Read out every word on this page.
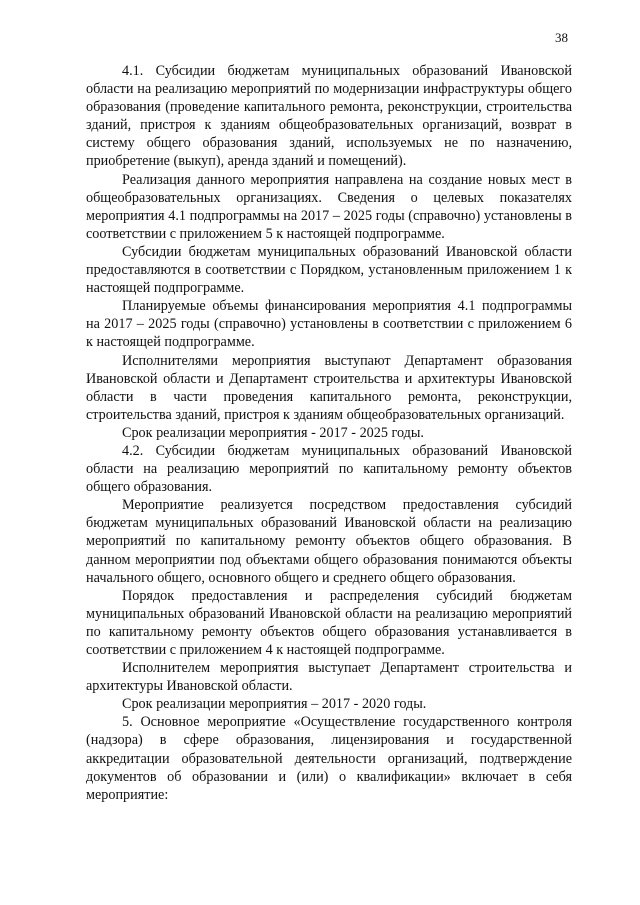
38

4.1. Субсидии бюджетам муниципальных образований Ивановской области на реализацию мероприятий по модернизации инфраструктуры общего образования (проведение капитального ремонта, реконструкции, строительства зданий, пристроя к зданиям общеобразовательных организаций, возврат в систему общего образования зданий, используемых не по назначению, приобретение (выкуп), аренда зданий и помещений).

Реализация данного мероприятия направлена на создание новых мест в общеобразовательных организациях. Сведения о целевых показателях мероприятия 4.1 подпрограммы на 2017 – 2025 годы (справочно) установлены в соответствии с приложением 5 к настоящей подпрограмме.

Субсидии бюджетам муниципальных образований Ивановской области предоставляются в соответствии с Порядком, установленным приложением 1 к настоящей подпрограмме.

Планируемые объемы финансирования мероприятия 4.1 подпрограммы на 2017 – 2025 годы (справочно) установлены в соответствии с приложением 6 к настоящей подпрограмме.

Исполнителями мероприятия выступают Департамент образования Ивановской области и Департамент строительства и архитектуры Ивановской области в части проведения капитального ремонта, реконструкции, строительства зданий, пристроя к зданиям общеобразовательных организаций.

Срок реализации мероприятия - 2017 - 2025 годы.

4.2. Субсидии бюджетам муниципальных образований Ивановской области на реализацию мероприятий по капитальному ремонту объектов общего образования.

Мероприятие реализуется посредством предоставления субсидий бюджетам муниципальных образований Ивановской области на реализацию мероприятий по капитальному ремонту объектов общего образования. В данном мероприятии под объектами общего образования понимаются объекты начального общего, основного общего и среднего общего образования.

Порядок предоставления и распределения субсидий бюджетам муниципальных образований Ивановской области на реализацию мероприятий по капитальному ремонту объектов общего образования устанавливается в соответствии с приложением 4 к настоящей подпрограмме.

Исполнителем мероприятия выступает Департамент строительства и архитектуры Ивановской области.

Срок реализации мероприятия – 2017 - 2020 годы.

5. Основное мероприятие «Осуществление государственного контроля (надзора) в сфере образования, лицензирования и государственной аккредитации образовательной деятельности организаций, подтверждение документов об образовании и (или) о квалификации» включает в себя мероприятие:
